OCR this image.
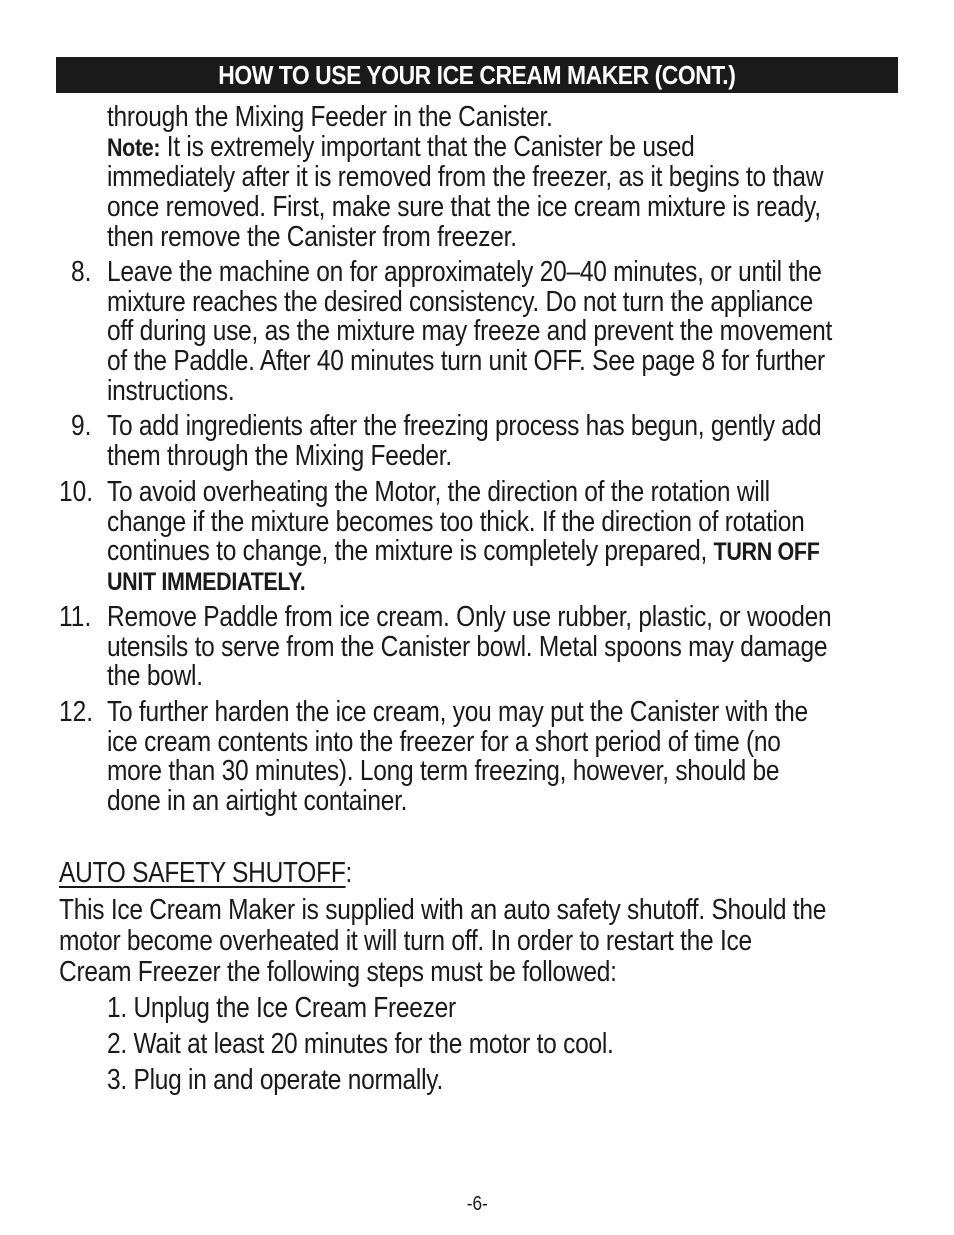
HOW TO USE YOUR ICE CREAM MAKER (CONT.)
through the Mixing Feeder in the Canister.
Note: It is extremely important that the Canister be used
immediately after it is removed from the freezer, as it begins to thaw
once removed. First, make sure that the ice cream mixture is ready,
then remove the Canister from freezer.
8. Leave the machine on for approximately 20–40 minutes, or until the
mixture reaches the desired consistency. Do not turn the appliance
off during use, as the mixture may freeze and prevent the movement
of the Paddle. After 40 minutes turn unit OFF. See page 8 for further
instructions.
9. To add ingredients after the freezing process has begun, gently add
them through the Mixing Feeder.
10. To avoid overheating the Motor, the direction of the rotation will
change if the mixture becomes too thick. If the direction of rotation
continues to change, the mixture is completely prepared, TURN OFF
UNIT IMMEDIATELY.
11. Remove Paddle from ice cream. Only use rubber, plastic, or wooden
utensils to serve from the Canister bowl. Metal spoons may damage
the bowl.
12. To further harden the ice cream, you may put the Canister with the
ice cream contents into the freezer for a short period of time (no
more than 30 minutes). Long term freezing, however, should be
done in an airtight container.
AUTO SAFETY SHUTOFF:
This Ice Cream Maker is supplied with an auto safety shutoff. Should the
motor become overheated it will turn off. In order to restart the Ice
Cream Freezer the following steps must be followed:
1. Unplug the Ice Cream Freezer
2. Wait at least 20 minutes for the motor to cool.
3. Plug in and operate normally.
-6-
